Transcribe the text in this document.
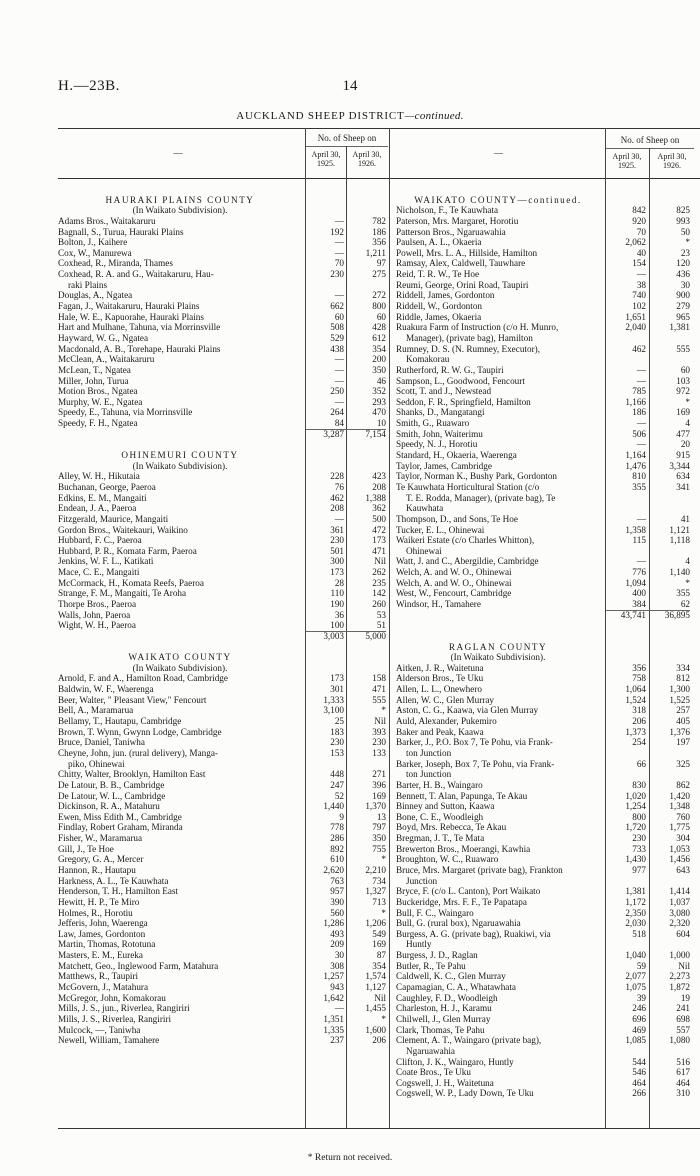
H.—23B.	14
AUCKLAND SHEEP DISTRICT—continued.
—
No. of Sheep on
April 30, 1925.
April 30, 1926.
—
No. of Sheep on
April 30, 1925.
April 30, 1926.
HAURAKI PLAINS COUNTY
(In Waikato Subdivision).
Adams Bros., Waitakaruru	—	782
Bagnall, S., Turua, Hauraki Plains	192	186
Bolton, J., Kaihere	—	356
Cox, W., Manurewa	—	1,211
Coxhead, R., Miranda, Thames	70	97
Coxhead, R. A. and G., Waitakaruru, Hau-	230	275
raki Plains
Douglas, A., Ngatea	—	272
Fagan, J., Waitakaruru, Hauraki Plains	662	800
Hale, W. E., Kapuorahe, Hauraki Plains	60	60
Hart and Mulhane, Tahuna, via Morrinsville	508	428
Hayward, W. G., Ngatea	529	612
Macdonald, A. B., Torehape, Hauraki Plains	438	354
McClean, A., Waitakaruru	—	200
McLean, T., Ngatea	—	350
Miller, John, Turua	—	46
Motion Bros., Ngatea	250	352
Murphy, W. E., Ngatea	—	293
Speedy, E., Tahuna, via Morrinsville	264	470
Speedy, F. H., Ngatea	84	10
3,287	7,154
OHINEMURI COUNTY
(In Waikato Subdivision).
Alley, W. H., Hikutaia	228	423
Buchanan, George, Paeroa	76	208
Edkins, E. M., Mangaiti	462	1,388
Endean, J. A., Paeroa	208	362
Fitzgerald, Maurice, Mangaiti	—	500
Gordon Bros., Waitekauri, Waikino	361	472
Hubbard, F. C., Paeroa	230	173
Hubbard, P. R., Komata Farm, Paeroa	501	471
Jenkins, W. F. L., Katikati	300	Nil
Mace, C. E., Mangaiti	173	262
McCormack, H., Komata Reefs, Paeroa	28	235
Strange, F. M., Mangaiti, Te Aroha	110	142
Thorpe Bros., Paeroa	190	260
Walls, John, Paeroa	36	53
Wight, W. H., Paeroa	100	51
3,003	5,000
WAIKATO COUNTY
(In Waikato Subdivision).
Arnold, F. and A., Hamilton Road, Cambridge	173	158
Baldwin, W. F., Waerenga	301	471
Beer, Walter, " Pleasant View," Fencourt	1,333	555
Bell, A., Maramarua	3,100	*
Bellamy, T., Hautapu, Cambridge	25	Nil
Brown, T. Wynn, Gwynn Lodge, Cambridge	183	393
Bruce, Daniel, Taniwha	230	230
Cheyne, John, jun. (rural delivery), Manga-	153	133
piko, Ohinewai
Chitty, Walter, Brooklyn, Hamilton East	448	271
De Latour, B. B., Cambridge	247	396
De Latour, W. L., Cambridge	52	169
Dickinson, R. A., Matahuru	1,440	1,370
Ewen, Miss Edith M., Cambridge	9	13
Findlay, Robert Graham, Miranda	778	797
Fisher, W., Maramarua	286	350
Gill, J., Te Hoe	892	755
Gregory, G. A., Mercer	610	*
Hannon, R., Hautapu	2,620	2,210
Harkness, A. L., Te Kauwhata	763	734
Henderson, T. H., Hamilton East	957	1,327
Hewitt, H. P., Te Miro	390	713
Holmes, R., Horotiu	560	*
Jefferis, John, Waerenga	1,286	1,206
Law, James, Gordonton	493	549
Martin, Thomas, Rototuna	209	169
Masters, E. M., Eureka	30	87
Matchett, Geo., Inglewood Farm, Matahura	308	354
Matthews, R., Taupiri	1,257	1,574
McGovern, J., Matahura	943	1,127
McGregor, John, Komakorau	1,642	Nil
Mills, J. S., jun., Riverlea, Rangiriri	—	1,455
Mills, J. S., Riverlea, Rangiriri	1,351	*
Mulcock, —, Taniwha	1,335	1,600
Newell, William, Tamahere	237	206
WAIKATO COUNTY—continued.
Nicholson, F., Te Kauwhata	842	825
Paterson, Mrs. Margaret, Horotiu	920	993
Patterson Bros., Ngaruawahia	70	50
Paulsen, A. L., Okaeria	2,062	*
Powell, Mrs. L. A., Hillside, Hamilton	40	23
Ramsay, Alex, Caldwell, Tauwhare	154	120
Reid, T. R. W., Te Hoe	—	436
Reumi, George, Orini Road, Taupiri	38	30
Riddell, James, Gordonton	740	900
Riddell, W., Gordonton	102	279
Riddle, James, Okaeria	1,651	965
Ruakura Farm of Instruction (c/o H. Munro,	2,040	1,381
Manager), (private bag), Hamilton
Rumney, D. S. (N. Rumney, Executor),	462	555
Komakorau
Rutherford, R. W. G., Taupiri	—	60
Sampson, L., Goodwood, Fencourt	—	103
Scott, T. and J., Newstead	785	972
Seddon, F. R., Springfield, Hamilton	1,166	*
Shanks, D., Mangatangi	186	169
Smith, G., Ruawaro	—	4
Smith, John, Waiterimu	506	477
Speedy, N. J., Horotiu	—	20
Standard, H., Okaeria, Waerenga	1,164	915
Taylor, James, Cambridge	1,476	3,344
Taylor, Norman K., Bushy Park, Gordonton	810	634
Te Kauwhata Horticultural Station (c/o	355	341
T. E. Rodda, Manager), (private bag), Te
Kauwhata
Thompson, D., and Sons, Te Hoe	—	41
Tucker, E. L., Ohinewai	1,358	1,121
Waikeri Estate (c/o Charles Whitton),	115	1,118
Ohinewai
Watt, J. and C., Abergildie, Cambridge	—	4
Welch, A. and W. O., Ohinewai	776	1,140
Welch, A. and W. O., Ohinewai	1,094	*
West, W., Fencourt, Cambridge	400	355
Windsor, H., Tamahere	384	62
43,741	36,895
RAGLAN COUNTY
(In Waikato Subdivision).
Aitken, J. R., Waitetuna	356	334
Alderson Bros., Te Uku	758	812
Allen, L. L., Onewhero	1,064	1,300
Allen, W. C., Glen Murray	1,524	1,525
Aston, C. G., Kaawa, via Glen Murray	318	257
Auld, Alexander, Pukemiro	206	405
Baker and Peak, Kaawa	1,373	1,376
Barker, J., P.O. Box 7, Te Pohu, via Frank-	254	197
ton Junction
Barker, Joseph, Box 7, Te Pohu, via Frank-	66	325
ton Junction
Barter, H. B., Waingaro	830	862
Bennett, T. Alan, Papunga, Te Akau	1,020	1,420
Binney and Sutton, Kaawa	1,254	1,348
Bone, C. E., Woodleigh	800	760
Boyd, Mrs. Rebecca, Te Akau	1,720	1,775
Bregman, J. T., Te Mata	230	304
Brewerton Bros., Moerangi, Kawhia	733	1,053
Broughton, W. C., Ruawaro	1,430	1,456
Bruce, Mrs. Margaret (private bag), Frankton	977	643
Junction
Bryce, F. (c/o L. Canton), Port Waikato	1,381	1,414
Buckeridge, Mrs. F. F., Te Papatapa	1,172	1,037
Bull, F. C., Waingaro	2,350	3,080
Bull, G. (rural box), Ngaruawahia	2,030	2,320
Burgess, A. G. (private bag), Ruakiwi, via	518	604
Huntly
Burgess, J. D., Raglan	1,040	1,000
Butler, R., Te Pahu	59	Nil
Caldwell, K. C., Glen Murray	2,077	2,273
Capamagian, C. A., Whatawhata	1,075	1,872
Caughley, F. D., Woodleigh	39	19
Charleston, H. J., Karamu	246	241
Chilwell, J., Glen Murray	696	698
Clark, Thomas, Te Pahu	469	557
Clement, A. T., Waingaro (private bag),	1,085	1,080
Ngaruawahia
Clifton, J. K., Waingaro, Huntly	544	516
Coate Bros., Te Uku	546	617
Cogswell, J. H., Waitetuna	464	464
Cogswell, W. P., Lady Down, Te Uku	266	310
* Return not received.
